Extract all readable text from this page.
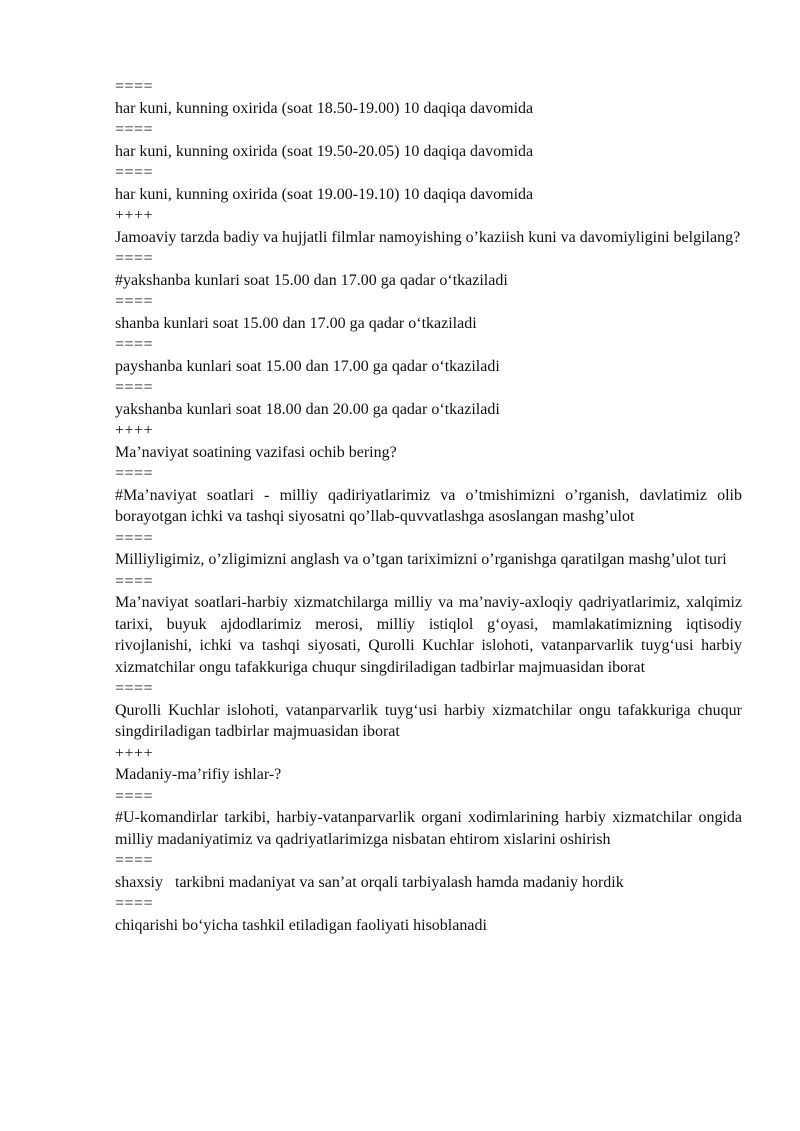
====

har kuni, kunning oxirida (soat 18.50-19.00) 10 daqiqa davomida

====

har kuni, kunning oxirida (soat 19.50-20.05) 10 daqiqa davomida

====

har kuni, kunning oxirida (soat 19.00-19.10) 10 daqiqa davomida

++++

Jamoaviy tarzda badiy va hujjatli filmlar namoyishing o’kaziish kuni va davomiyligini belgilang?

====

#yakshanba kunlari soat 15.00 dan 17.00 ga qadar o‘tkaziladi

====

shanba kunlari soat 15.00 dan 17.00 ga qadar o‘tkaziladi

====

payshanba kunlari soat 15.00 dan 17.00 ga qadar o‘tkaziladi

====

yakshanba kunlari soat 18.00 dan 20.00 ga qadar o‘tkaziladi

++++

Ma’naviyat soatining vazifasi ochib bering?

====

#Ma’naviyat soatlari - milliy qadiriyatlarimiz va o’tmishimizni o’rganish, davlatimiz olib borayotgan ichki va tashqi siyosatni qo’llab-quvvatlashga asoslangan mashg’ulot

====

Milliyligimiz, o’zligimizni anglash va o’tgan tariximizni o’rganishga qaratilgan mashg’ulot turi

====

Ma’naviyat soatlari-harbiy xizmatchilarga milliy va ma’naviy-axloqiy qadriyatlarimiz, xalqimiz tarixi, buyuk ajdodlarimiz merosi, milliy istiqlol g‘oyasi, mamlakatimizning iqtisodiy rivojlanishi, ichki va tashqi siyosati, Qurolli Kuchlar islohoti, vatanparvarlik tuyg‘usi harbiy xizmatchilar ongu tafakkuriga chuqur singdiriladigan tadbirlar majmuasidan iborat

====

Qurolli Kuchlar islohoti, vatanparvarlik tuyg‘usi harbiy xizmatchilar ongu tafakkuriga chuqur singdiriladigan tadbirlar majmuasidan iborat

++++

Madaniy-ma’rifiy ishlar-?

====

#U-komandirlar tarkibi, harbiy-vatanparvarlik organi xodimlarining harbiy xizmatchilar ongida milliy madaniyatimiz va qadriyatlarimizga nisbatan ehtirom xislarini oshirish

====

shaxsiy   tarkibni madaniyat va san’at orqali tarbiyalash hamda madaniy hordik

====

chiqarishi bo‘yicha tashkil etiladigan faoliyati hisoblanadi
